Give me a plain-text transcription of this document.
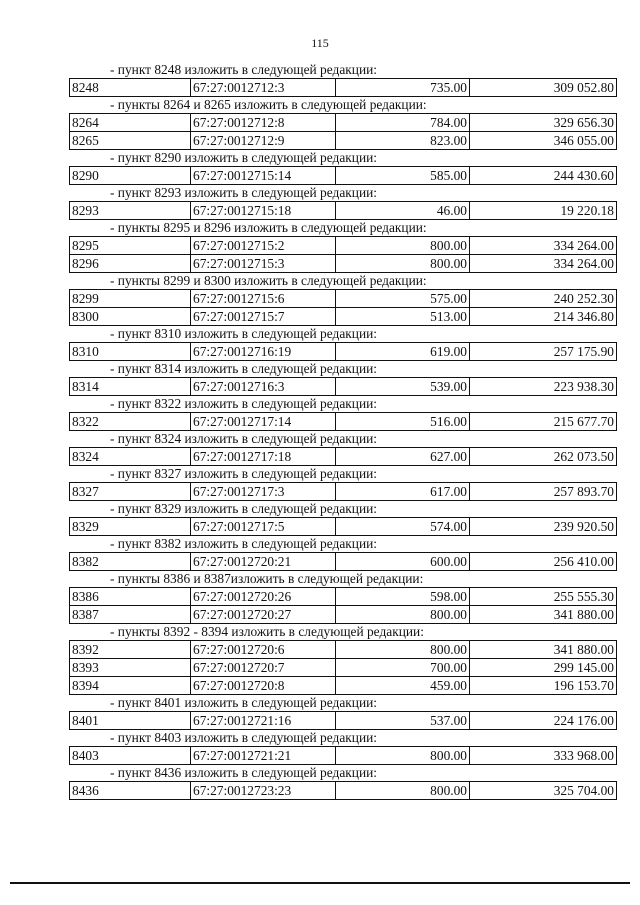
115
- пункт 8248 изложить в следующей редакции:
8248	67:27:0012712:3	735.00	309 052.80
- пункты 8264 и 8265 изложить в следующей редакции:
8264	67:27:0012712:8	784.00	329 656.30
8265	67:27:0012712:9	823.00	346 055.00
- пункт 8290 изложить в следующей редакции:
8290	67:27:0012715:14	585.00	244 430.60
- пункт 8293 изложить в следующей редакции:
8293	67:27:0012715:18	46.00	19 220.18
- пункты 8295 и 8296 изложить в следующей редакции:
8295	67:27:0012715:2	800.00	334 264.00
8296	67:27:0012715:3	800.00	334 264.00
- пункты 8299 и 8300 изложить в следующей редакции:
8299	67:27:0012715:6	575.00	240 252.30
8300	67:27:0012715:7	513.00	214 346.80
- пункт 8310 изложить в следующей редакции:
8310	67:27:0012716:19	619.00	257 175.90
- пункт 8314 изложить в следующей редакции:
8314	67:27:0012716:3	539.00	223 938.30
- пункт 8322 изложить в следующей редакции:
8322	67:27:0012717:14	516.00	215 677.70
- пункт 8324 изложить в следующей редакции:
8324	67:27:0012717:18	627.00	262 073.50
- пункт 8327 изложить в следующей редакции:
8327	67:27:0012717:3	617.00	257 893.70
- пункт 8329 изложить в следующей редакции:
8329	67:27:0012717:5	574.00	239 920.50
- пункт 8382 изложить в следующей редакции:
8382	67:27:0012720:21	600.00	256 410.00
- пункты 8386 и 8387изложить в следующей редакции:
8386	67:27:0012720:26	598.00	255 555.30
8387	67:27:0012720:27	800.00	341 880.00
- пункты 8392 - 8394 изложить в следующей редакции:
8392	67:27:0012720:6	800.00	341 880.00
8393	67:27:0012720:7	700.00	299 145.00
8394	67:27:0012720:8	459.00	196 153.70
- пункт 8401 изложить в следующей редакции:
8401	67:27:0012721:16	537.00	224 176.00
- пункт 8403 изложить в следующей редакции:
8403	67:27:0012721:21	800.00	333 968.00
- пункт 8436 изложить в следующей редакции:
8436	67:27:0012723:23	800.00	325 704.00
